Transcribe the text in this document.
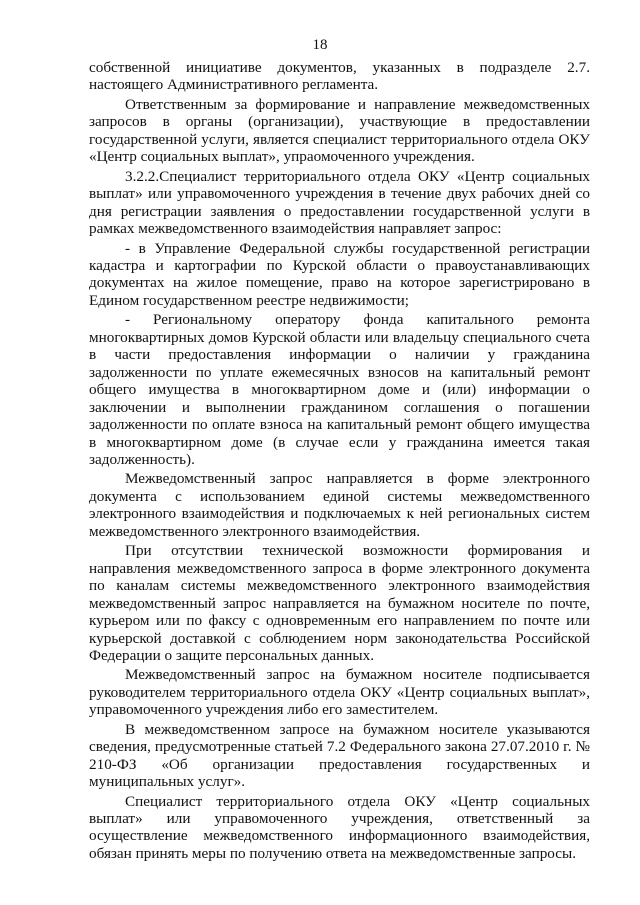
18

собственной инициативе документов, указанных в подразделе 2.7. настоящего Административного регламента.

Ответственным за формирование и направление межведомственных запросов в органы (организации), участвующие в предоставлении государственной услуги, является специалист территориального отдела ОКУ «Центр социальных выплат», упраомоченного учреждения.

3.2.2.Специалист территориального отдела ОКУ «Центр социальных выплат» или управомоченного учреждения в течение двух рабочих дней со дня регистрации заявления о предоставлении государственной услуги в рамках межведомственного взаимодействия направляет запрос:

- в Управление Федеральной службы государственной регистрации кадастра и картографии по Курской области о правоустанавливающих документах на жилое помещение, право на которое зарегистрировано в Едином государственном реестре недвижимости;

- Региональному оператору фонда капитального ремонта многоквартирных домов Курской области или владельцу специального счета в части предоставления информации о наличии у гражданина задолженности по уплате ежемесячных взносов на капитальный ремонт общего имущества в многоквартирном доме и (или) информации о заключении и выполнении гражданином соглашения о погашении задолженности по оплате взноса на капитальный ремонт общего имущества в многоквартирном доме (в случае если у гражданина имеется такая задолженность).

Межведомственный запрос направляется в форме электронного документа с использованием единой системы межведомственного электронного взаимодействия и подключаемых к ней региональных систем межведомственного электронного взаимодействия.

При отсутствии технической возможности формирования и направления межведомственного запроса в форме электронного документа по каналам системы межведомственного электронного взаимодействия межведомственный запрос направляется на бумажном носителе по почте, курьером или по факсу с одновременным его направлением по почте или курьерской доставкой с соблюдением норм законодательства Российской Федерации о защите персональных данных.

Межведомственный запрос на бумажном носителе подписывается руководителем территориального отдела ОКУ «Центр социальных выплат», управомоченного учреждения либо его заместителем.

В межведомственном запросе на бумажном носителе указываются сведения, предусмотренные статьей 7.2 Федерального закона 27.07.2010 г. № 210-ФЗ «Об организации предоставления государственных и муниципальных услуг».

Специалист территориального отдела ОКУ «Центр социальных выплат» или управомоченного учреждения, ответственный за осуществление межведомственного информационного взаимодействия, обязан принять меры по получению ответа на межведомственные запросы.
